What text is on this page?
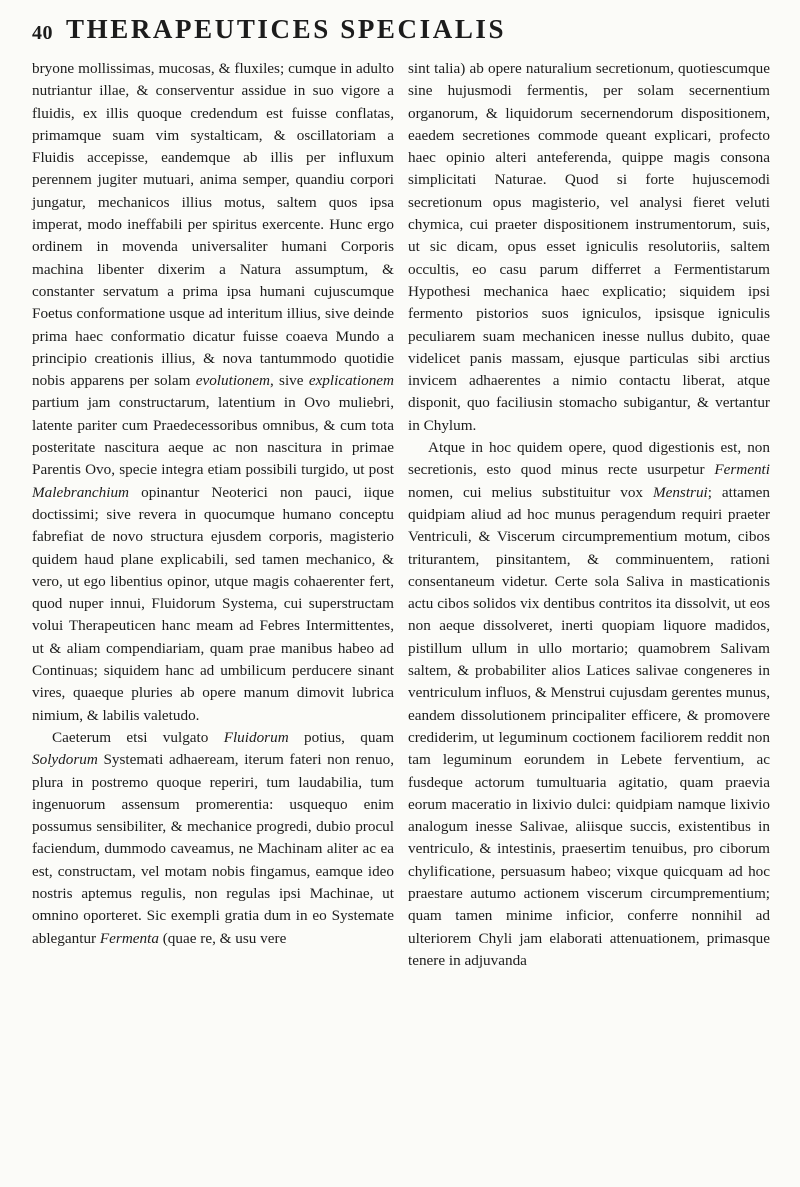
40 THERAPEUTICES SPECIALIS

bryone mollissimas, mucosas, & fluxiles; cumque in adulto nutriantur illae, & conserventur assidue in suo vigore a fluidis, ex illis quoque credendum est fuisse conflatas, primamque suam vim systalticam, & oscillatoriam a Fluidis accepisse, eandemque ab illis per influxum perennem jugiter mutuari, anima semper, quandiu corpori jungatur, mechanicos illius motus, saltem quos ipsa imperat, modo ineffabili per spiritus exercente. Hunc ergo ordinem in movenda universaliter humani Corporis machina libenter dixerim a Natura assumptum, & constanter servatum a prima ipsa humani cujuscumque Foetus conformatione usque ad interitum illius, sive deinde prima haec conformatio dicatur fuisse coaeva Mundo a principio creationis illius, & nova tantummodo quotidie nobis apparens per solam evolutionem, sive explicationem partium jam constructarum, latentium in Ovo muliebri, latente pariter cum Praedecessoribus omnibus, & cum tota posteritate nascitura aeque ac non nascitura in primae Parentis Ovo, specie integra etiam possibili turgido, ut post Malebranchium opinantur Neoterici non pauci, iique doctissimi; sive revera in quocumque humano conceptu fabrefiat de novo structura ejusdem corporis, magisterio quidem haud plane explicabili, sed tamen mechanico, & vero, ut ego libentius opinor, utque magis cohaerenter fert, quod nuper innui, Fluidorum Systema, cui superstructam volui Therapeuticen hanc meam ad Febres Intermittentes, ut & aliam compendiariam, quam prae manibus habeo ad Continuas; siquidem hanc ad umbilicum perducere sinant vires, quaeque pluries ab opere manum dimovit lubrica nimium, & labilis valetudo.

Caeterum etsi vulgato Fluidorum potius, quam Solydorum Systemati adhaeream, iterum fateri non renuo, plura in postremo quoque reperiri, tum laudabilia, tum ingenuorum assensum promerentia: usquequo enim possumus sensibiliter, & mechanice progredi, dubio procul faciendum, dummodo caveamus, ne Machinam aliter ac ea est, constructam, vel motam nobis fingamus, eamque ideo nostris aptemus regulis, non regulas ipsi Machinae, ut omnino oporteret. Sic exempli gratia dum in eo Systemate ablegantur Fermenta (quae re, & usu vere

sint talia) ab opere naturalium secretionum, quotiescumque sine hujusmodi fermentis, per solam secernentium organorum, & liquidorum secernendorum dispositionem, eaedem secretiones commode queant explicari, profecto haec opinio alteri anteferenda, quippe magis consona simplicitati Naturae. Quod si forte hujuscemodi secretionum opus magisterio, vel analysi fieret veluti chymica, cui praeter dispositionem instrumentorum, suis, ut sic dicam, opus esset igniculis resolutoriis, saltem occultis, eo casu parum differret a Fermentistarum Hypothesi mechanica haec explicatio; siquidem ipsi fermento pistorios suos igniculos, ipsisque igniculis peculiarem suam mechanicen inesse nullus dubito, quae videlicet panis massam, ejusque particulas sibi arctius invicem adhaerentes a nimio contactu liberat, atque disponit, quo faciliusin stomacho subigantur, & vertantur in Chylum.

Atque in hoc quidem opere, quod digestionis est, non secretionis, esto quod minus recte usurpetur Fermenti nomen, cui melius substituitur vox Menstrui; attamen quidpiam aliud ad hoc munus peragendum requiri praeter Ventriculi, & Viscerum circumprementium motum, cibos triturantem, pinsitantem, & comminuentem, rationi consentaneum videtur. Certe sola Saliva in masticationis actu cibos solidos vix dentibus contritos ita dissolvit, ut eos non aeque dissolveret, inerti quopiam liquore madidos, pistillum ullum in ullo mortario; quamobrem Salivam saltem, & probabiliter alios Latices salivae congeneres in ventriculum influos, & Menstrui cujusdam gerentes munus, eandem dissolutionem principaliter efficere, & promovere crediderim, ut leguminum coctionem faciliorem reddit non tam leguminum eorundem in Lebete ferventium, ac fusdeque actorum tumultuaria agitatio, quam praevia eorum maceratio in lixivio dulci: quidpiam namque lixivio analogum inesse Salivae, aliisque succis, existentibus in ventriculo, & intestinis, praesertim tenuibus, pro ciborum chylificatione, persuasum habeo; vixque quicquam ad hoc praestare autumo actionem viscerum circumprementium; quam tamen minime inficior, conferre nonnihil ad ulteriorem Chyli jam elaborati attenuationem, primasque tenere in adjuvanda
